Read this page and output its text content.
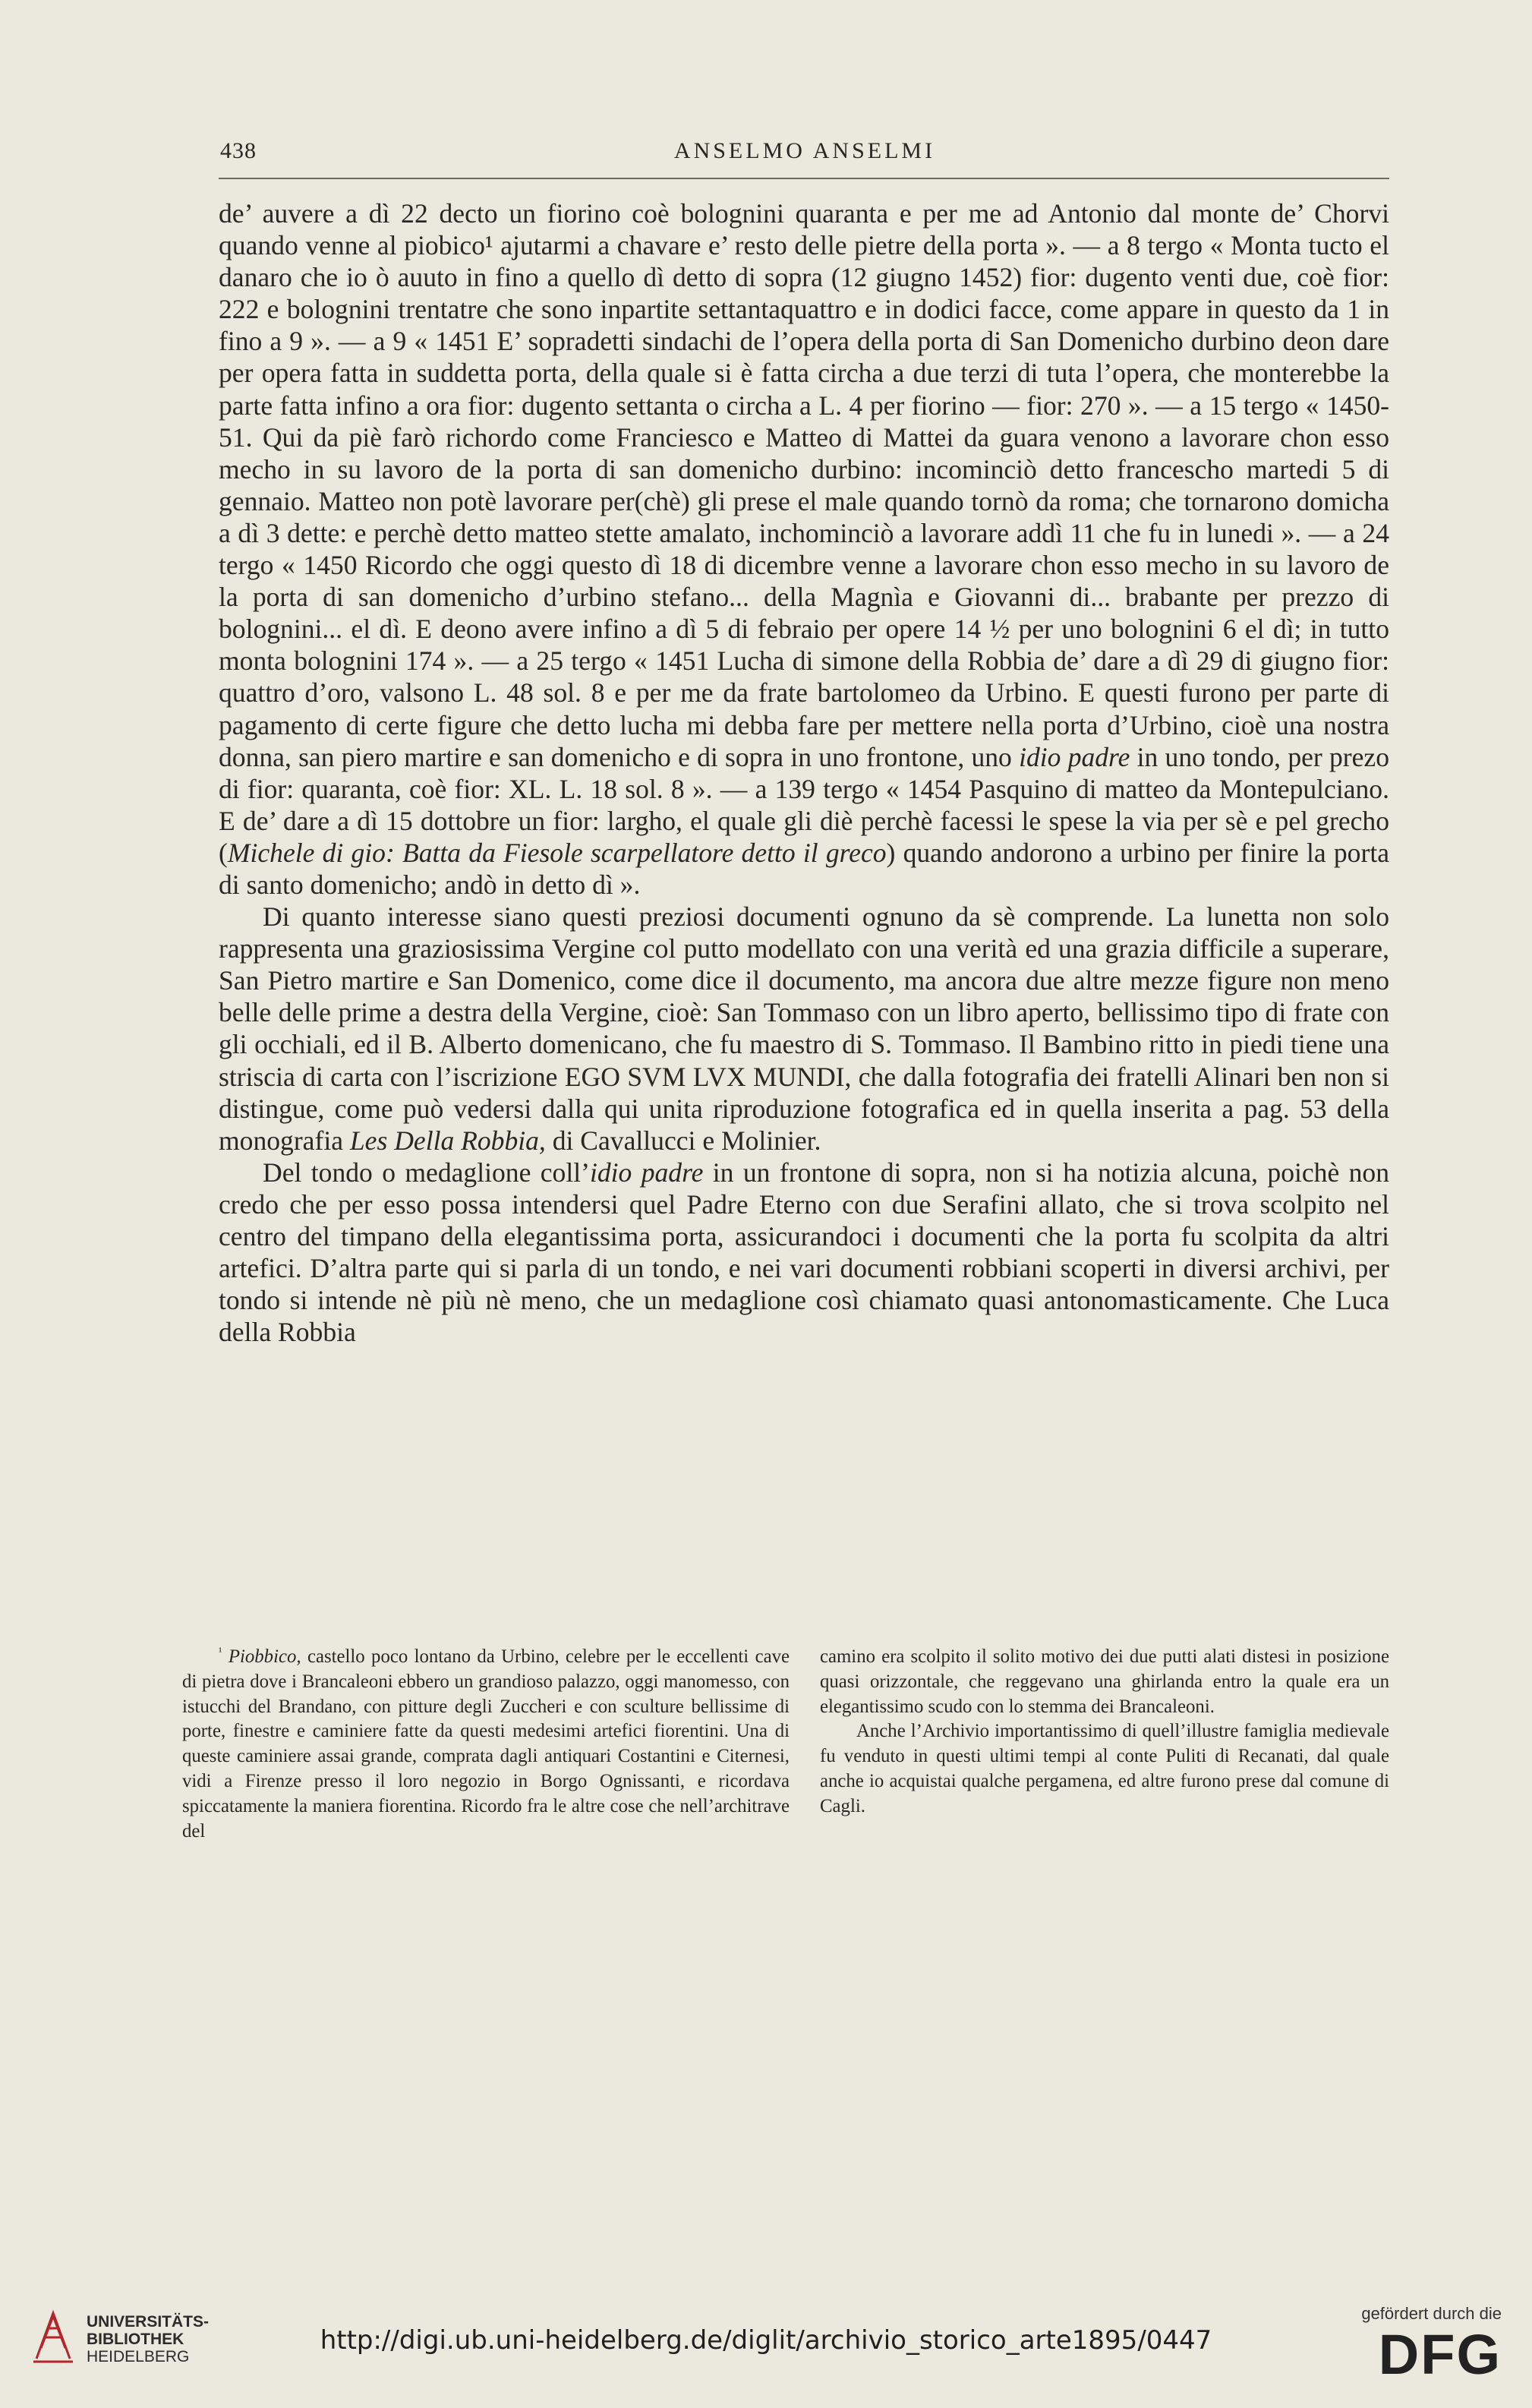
438	ANSELMO ANSELMI

de’ auvere a dì 22 decto un fiorino coè bolognini quaranta e per me ad Antonio dal monte de’ Chorvi quando venne al piobico¹ ajutarmi a chavare e’ resto delle pietre della porta ». — a 8 tergo « Monta tucto el danaro che io ò auuto in fino a quello dì detto di sopra (12 giugno 1452) fior: dugento venti due, coè fior: 222 e bolognini trentatre che sono inpartite settantaquattro e in dodici facce, come appare in questo da 1 in fino a 9 ». — a 9 « 1451 E’ sopradetti sindachi de l’opera della porta di San Domenicho durbino deon dare per opera fatta in suddetta porta, della quale si è fatta circha a due terzi di tuta l’opera, che monterebbe la parte fatta infino a ora fior: dugento settanta o circha a L. 4 per fiorino — fior: 270 ». — a 15 tergo « 1450-51. Qui da piè farò richordo come Franciesco e Matteo di Mattei da guara venono a lavorare chon esso mecho in su lavoro de la porta di san domenicho durbino: incominciò detto francescho martedi 5 di gennaio. Matteo non potè lavorare per(chè) gli prese el male quando tornò da roma; che tornarono domicha a dì 3 dette: e perchè detto matteo stette amalato, inchominciò a lavorare addì 11 che fu in lunedi ». — a 24 tergo « 1450 Ricordo che oggi questo dì 18 di dicembre venne a lavorare chon esso mecho in su lavoro de la porta di san domenicho d’urbino stefano... della Magnìa e Giovanni di... brabante per prezzo di bolognini... el dì. E deono avere infino a dì 5 di febraio per opere 14 ½ per uno bolognini 6 el dì; in tutto monta bolognini 174 ». — a 25 tergo « 1451 Lucha di simone della Robbia de’ dare a dì 29 di giugno fior: quattro d’oro, valsono L. 48 sol. 8 e per me da frate bartolomeo da Urbino. E questi furono per parte di pagamento di certe figure che detto lucha mi debba fare per mettere nella porta d’Urbino, cioè una nostra donna, san piero martire e san domenicho e di sopra in uno frontone, uno idio padre in uno tondo, per prezo di fior: quaranta, coè fior: XL. L. 18 sol. 8 ». — a 139 tergo « 1454 Pasquino di matteo da Montepulciano. E de’ dare a dì 15 dottobre un fior: largho, el quale gli diè perchè facessi le spese la via per sè e pel grecho (Michele di gio: Batta da Fiesole scarpellatore detto il greco) quando andorono a urbino per finire la porta di santo domenicho; andò in detto dì ».

Di quanto interesse siano questi preziosi documenti ognuno da sè comprende. La lunetta non solo rappresenta una graziosissima Vergine col putto modellato con una verità ed una grazia difficile a superare, San Pietro martire e San Domenico, come dice il documento, ma ancora due altre mezze figure non meno belle delle prime a destra della Vergine, cioè: San Tommaso con un libro aperto, bellissimo tipo di frate con gli occhiali, ed il B. Alberto domenicano, che fu maestro di S. Tommaso. Il Bambino ritto in piedi tiene una striscia di carta con l’iscrizione EGO SVM LVX MUNDI, che dalla fotografia dei fratelli Alinari ben non si distingue, come può vedersi dalla qui unita riproduzione fotografica ed in quella inserita a pag. 53 della monografia Les Della Robbia, di Cavallucci e Molinier.

Del tondo o medaglione coll’idio padre in un frontone di sopra, non si ha notizia alcuna, poichè non credo che per esso possa intendersi quel Padre Eterno con due Serafini allato, che si trova scolpito nel centro del timpano della elegantissima porta, assicurandoci i documenti che la porta fu scolpita da altri artefici. D’altra parte qui si parla di un tondo, e nei vari documenti robbiani scoperti in diversi archivi, per tondo si intende nè più nè meno, che un medaglione così chiamato quasi antonomasticamente. Che Luca della Robbia

$^{^1}$ Piobbico, castello poco lontano da Urbino, celebre per le eccellenti cave di pietra dove i Brancaleoni ebbero un grandioso palazzo, oggi manomesso, con istucchi del Brandano, con pitture degli Zuccheri e con sculture bellissime di porte, finestre e caminiere fatte da questi medesimi artefici fiorentini. Una di queste caminiere assai grande, comprata dagli antiquari Costantini e Citernesi, vidi a Firenze presso il loro negozio in Borgo Ognissanti, e ricordava spiccatamente la maniera fiorentina. Ricordo fra le altre cose che nell’architrave del

camino era scolpito il solito motivo dei due putti alati distesi in posizione quasi orizzontale, che reggevano una ghirlanda entro la quale era un elegantissimo scudo con lo stemma dei Brancaleoni.

Anche l’Archivio importantissimo di quell’illustre famiglia medievale fu venduto in questi ultimi tempi al conte Puliti di Recanati, dal quale anche io acquistai qualche pergamena, ed altre furono prese dal comune di Cagli.

UNIVERSITÄTS-
BIBLIOTHEK
HEIDELBERG
http://digi.ub.uni-heidelberg.de/diglit/archivio_storico_arte1895/0447
gefördert durch die
DFG
